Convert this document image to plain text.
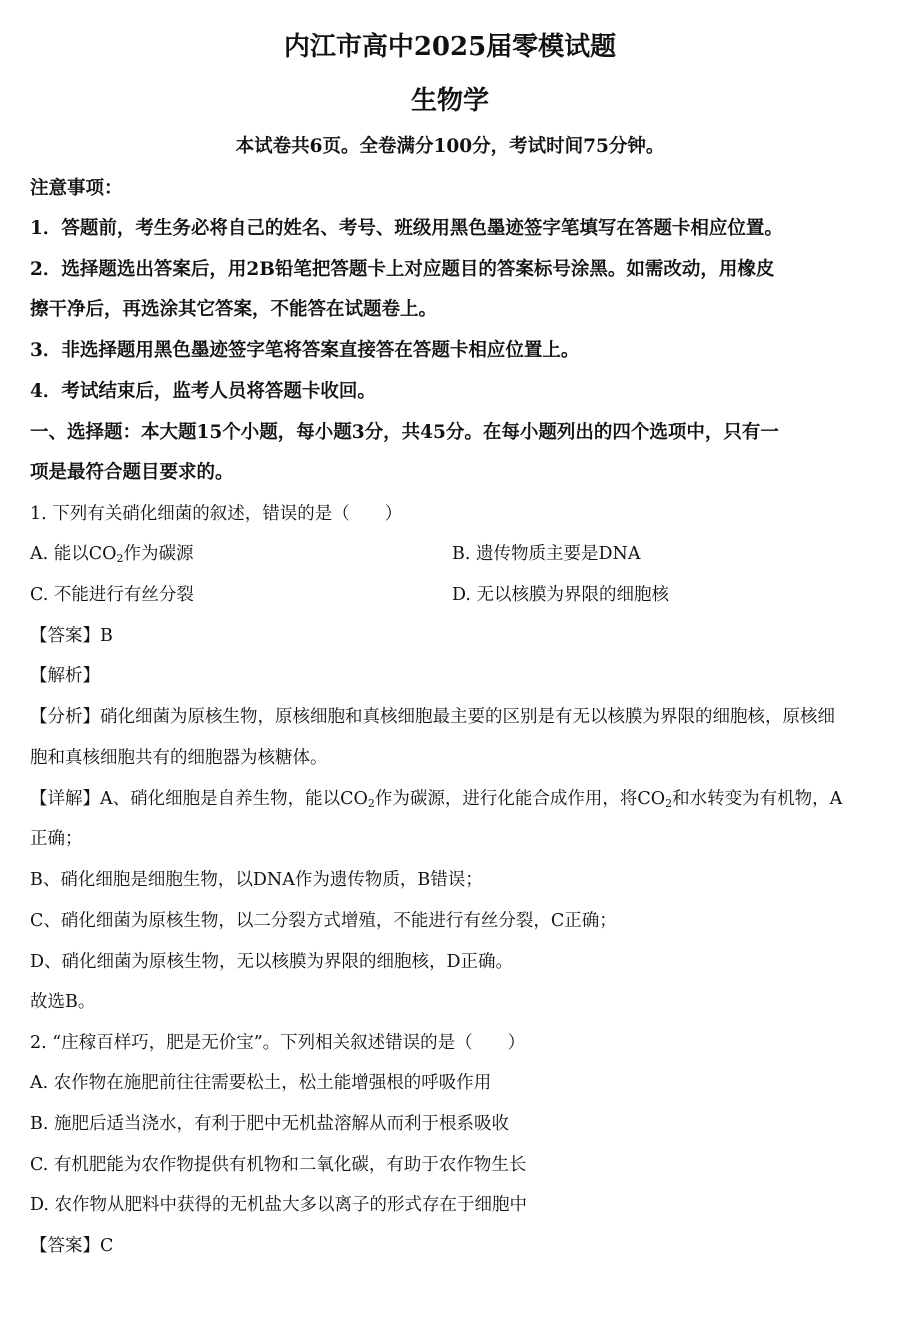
内江市高中2025届零模试题
生物学
本试卷共6页。全卷满分100分，考试时间75分钟。
注意事项：
1．答题前，考生务必将自己的姓名、考号、班级用黑色墨迹签字笔填写在答题卡相应位置。
2．选择题选出答案后，用2B铅笔把答题卡上对应题目的答案标号涂黑。如需改动，用橡皮
擦干净后，再选涂其它答案，不能答在试题卷上。
3．非选择题用黑色墨迹签字笔将答案直接答在答题卡相应位置上。
4．考试结束后，监考人员将答题卡收回。
一、选择题：本大题15个小题，每小题3分，共45分。在每小题列出的四个选项中，只有一
项是最符合题目要求的。
1. 下列有关硝化细菌的叙述，错误的是（　　）
A. 能以$CO_2$作为碳源	B. 遗传物质主要是DNA
C. 不能进行有丝分裂	D. 无以核膜为界限的细胞核
【答案】B
【解析】
【分析】硝化细菌为原核生物，原核细胞和真核细胞最主要的区别是有无以核膜为界限的细胞核，原核细
胞和真核细胞共有的细胞器为核糖体。
【详解】A、硝化细胞是自养生物，能以$CO_2$作为碳源，进行化能合成作用，将$CO_2$和水转变为有机物，A
正确；
B、硝化细胞是细胞生物，以DNA作为遗传物质，B错误；
C、硝化细菌为原核生物，以二分裂方式增殖，不能进行有丝分裂，C正确；
D、硝化细菌为原核生物，无以核膜为界限的细胞核，D正确。
故选B。
2. “庄稼百样巧，肥是无价宝”。下列相关叙述错误的是（　　）
A. 农作物在施肥前往往需要松土，松土能增强根的呼吸作用
B. 施肥后适当浇水，有利于肥中无机盐溶解从而利于根系吸收
C. 有机肥能为农作物提供有机物和二氧化碳，有助于农作物生长
D. 农作物从肥料中获得的无机盐大多以离子的形式存在于细胞中
【答案】C
